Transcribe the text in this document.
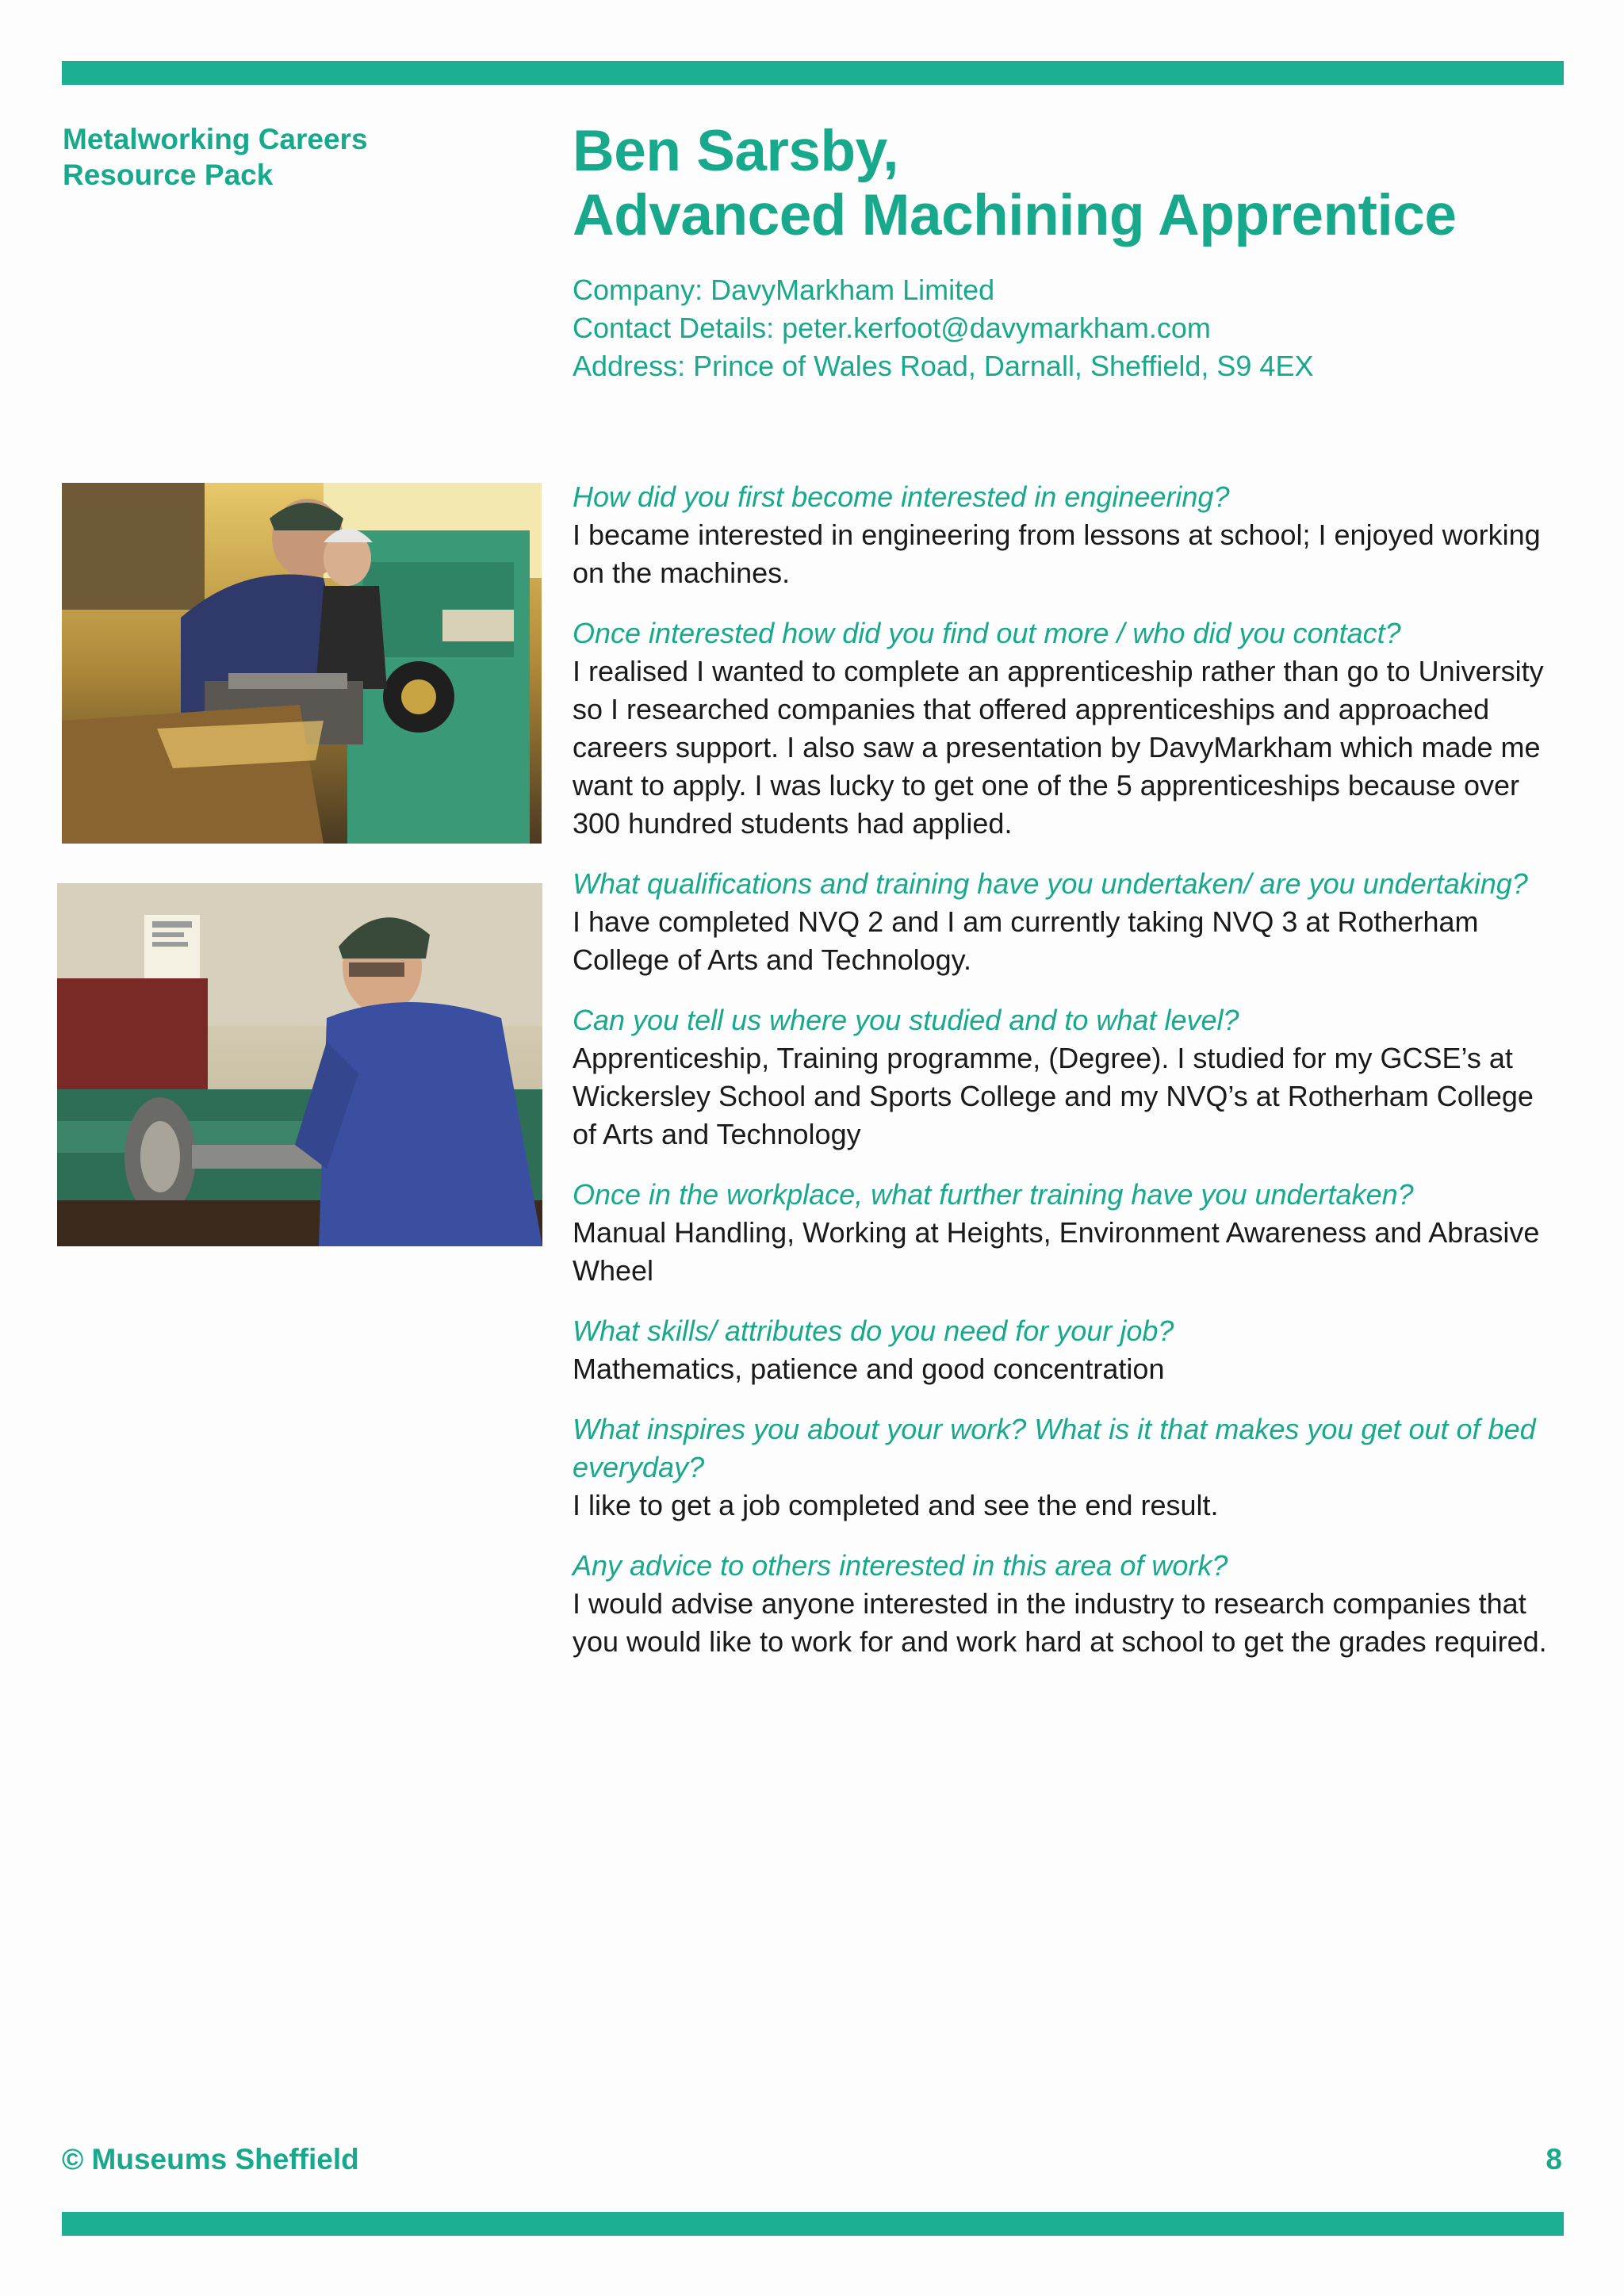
Metalworking Careers
Resource Pack	Ben Sarsby,
Advanced Machining Apprentice
Company: DavyMarkham Limited
Contact Details: peter.kerfoot@davymarkham.com
Address: Prince of Wales Road, Darnall, Sheffield, S9 4EX
How did you first become interested in engineering?
I became interested in engineering from lessons at school; I enjoyed working on the machines.
Once interested how did you find out more / who did you contact?
I realised I wanted to complete an apprenticeship rather than go to University so I researched companies that offered apprenticeships and approached careers support. I also saw a presentation by DavyMarkham which made me want to apply. I was lucky to get one of the 5 apprenticeships because over 300 hundred students had applied.
What qualifications and training have you undertaken/ are you undertaking?
I have completed NVQ 2 and I am currently taking NVQ 3 at Rotherham College of Arts and Technology.
Can you tell us where you studied and to what level?
Apprenticeship, Training programme, (Degree). I studied for my GCSE’s at Wickersley School and Sports College and my NVQ’s at Rotherham College of Arts and Technology
Once in the workplace, what further training have you undertaken?
Manual Handling, Working at Heights, Environment Awareness and Abrasive Wheel
What skills/ attributes do you need for your job?
Mathematics, patience and good concentration
What inspires you about your work? What is it that makes you get out of bed everyday?
I like to get a job completed and see the end result.
Any advice to others interested in this area of work?
I would advise anyone interested in the industry to research companies that you would like to work for and work hard at school to get the grades required.
© Museums Sheffield	8
